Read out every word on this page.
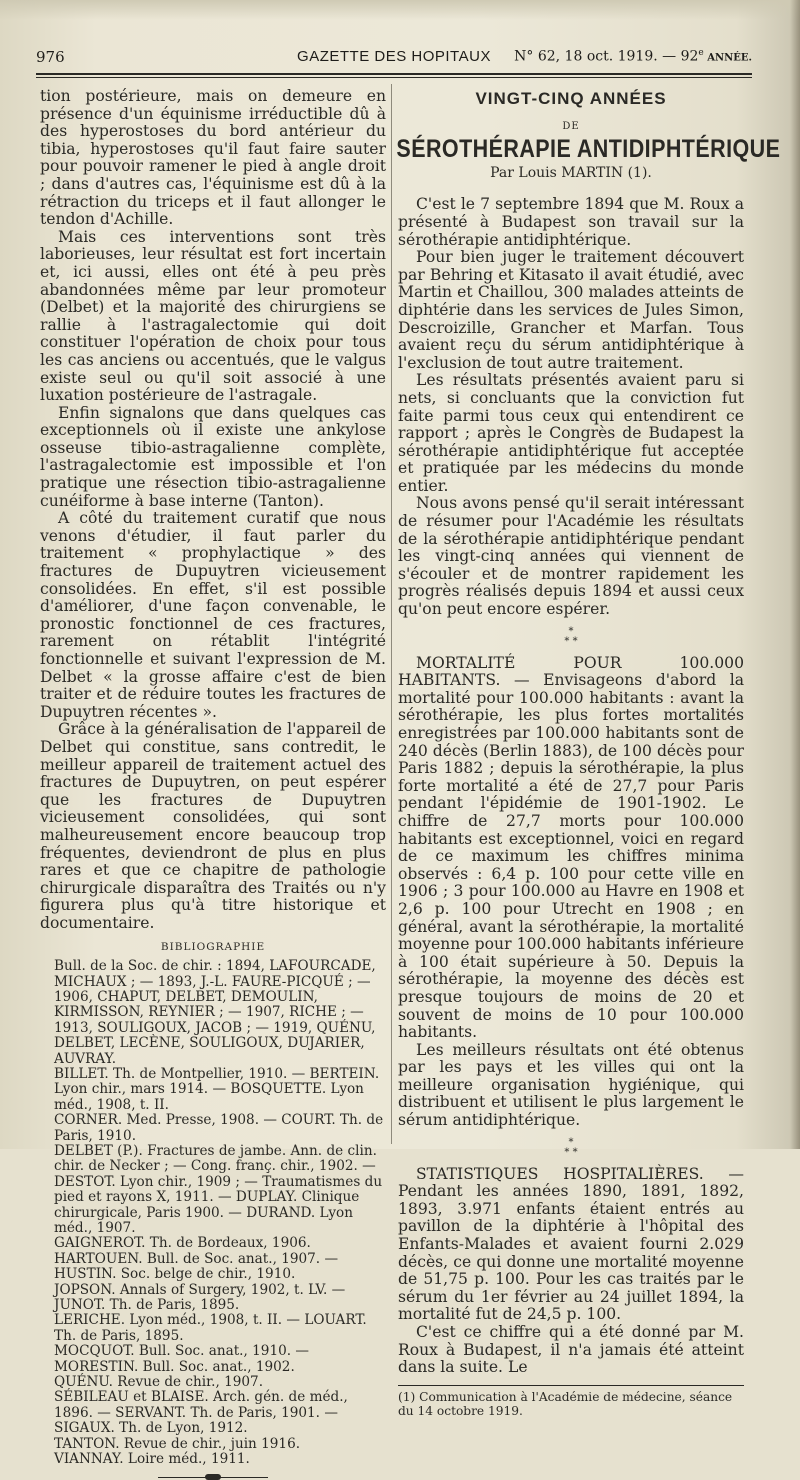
976	GAZETTE DES HOPITAUX	N° 62, 18 oct. 1919. — 92e ANNÉE.

tion postérieure, mais on demeure en présence d'un équinisme irréductible dû à des hyperostoses du bord antérieur du tibia, hyperostoses qu'il faut faire sauter pour pouvoir ramener le pied à angle droit ; dans d'autres cas, l'équinisme est dû à la rétraction du triceps et il faut allonger le tendon d'Achille.

Mais ces interventions sont très laborieuses, leur résultat est fort incertain et, ici aussi, elles ont été à peu près abandonnées même par leur promoteur (Delbet) et la majorité des chirurgiens se rallie à l'astragalectomie qui doit constituer l'opération de choix pour tous les cas anciens ou accentués, que le valgus existe seul ou qu'il soit associé à une luxation postérieure de l'astragale.

Enfin signalons que dans quelques cas exceptionnels où il existe une ankylose osseuse tibio-astragalienne complète, l'astragalectomie est impossible et l'on pratique une résection tibio-astragalienne cunéiforme à base interne (Tanton).

A côté du traitement curatif que nous venons d'étudier, il faut parler du traitement « prophylactique » des fractures de Dupuytren vicieusement consolidées. En effet, s'il est possible d'améliorer, d'une façon convenable, le pronostic fonctionnel de ces fractures, rarement on rétablit l'intégrité fonctionnelle et suivant l'expression de M. Delbet « la grosse affaire c'est de bien traiter et de réduire toutes les fractures de Dupuytren récentes ».

Grâce à la généralisation de l'appareil de Delbet qui constitue, sans contredit, le meilleur appareil de traitement actuel des fractures de Dupuytren, on peut espérer que les fractures de Dupuytren vicieusement consolidées, qui sont malheureusement encore beaucoup trop fréquentes, deviendront de plus en plus rares et que ce chapitre de pathologie chirurgicale disparaîtra des Traités ou n'y figurera plus qu'à titre historique et documentaire.

BIBLIOGRAPHIE

Bull. de la Soc. de chir. : 1894, LAFOURCADE, MICHAUX ; — 1893, J.-L. FAURE-PICQUÉ ; — 1906, CHAPUT, DELBET, DEMOULIN, KIRMISSON, REYNIER ; — 1907, RICHE ; — 1913, SOULIGOUX, JACOB ; — 1919, QUÉNU, DELBET, LECÈNE, SOULIGOUX, DUJARIER, AUVRAY.

BILLET. Th. de Montpellier, 1910. — BERTEIN. Lyon chir., mars 1914. — BOSQUETTE. Lyon méd., 1908, t. II.

CORNER. Med. Presse, 1908. — COURT. Th. de Paris, 1910.

DELBET (P.). Fractures de jambe. Ann. de clin. chir. de Necker ; — Cong. franç. chir., 1902. — DESTOT. Lyon chir., 1909 ; — Traumatismes du pied et rayons X, 1911. — DUPLAY. Clinique chirurgicale, Paris 1900. — DURAND. Lyon méd., 1907.

GAIGNEROT. Th. de Bordeaux, 1906.

HARTOUEN. Bull. de Soc. anat., 1907. — HUSTIN. Soc. belge de chir., 1910.

JOPSON. Annals of Surgery, 1902, t. LV. — JUNOT. Th. de Paris, 1895.

LERICHE. Lyon méd., 1908, t. II. — LOUART. Th. de Paris, 1895.

MOCQUOT. Bull. Soc. anat., 1910. — MORESTIN. Bull. Soc. anat., 1902.

QUÉNU. Revue de chir., 1907.

SÉBILEAU et BLAISE. Arch. gén. de méd., 1896. — SERVANT. Th. de Paris, 1901. — SIGAUX. Th. de Lyon, 1912.

TANTON. Revue de chir., juin 1916.

VIANNAY. Loire méd., 1911.

VINGT-CINQ ANNÉES
DE
SÉROTHÉRAPIE ANTIDIPHTÉRIQUE
Par Louis MARTIN (1).

C'est le 7 septembre 1894 que M. Roux a présenté à Budapest son travail sur la sérothérapie antidiphtérique.

Pour bien juger le traitement découvert par Behring et Kitasato il avait étudié, avec Martin et Chaillou, 300 malades atteints de diphtérie dans les services de Jules Simon, Descroizille, Grancher et Marfan. Tous avaient reçu du sérum antidiphtérique à l'exclusion de tout autre traitement.

Les résultats présentés avaient paru si nets, si concluants que la conviction fut faite parmi tous ceux qui entendirent ce rapport ; après le Congrès de Budapest la sérothérapie antidiphtérique fut acceptée et pratiquée par les médecins du monde entier.

Nous avons pensé qu'il serait intéressant de résumer pour l'Académie les résultats de la sérothérapie antidiphtérique pendant les vingt-cinq années qui viennent de s'écouler et de montrer rapidement les progrès réalisés depuis 1894 et aussi ceux qu'on peut encore espérer.

*
* *

MORTALITÉ POUR 100.000 HABITANTS. — Envisageons d'abord la mortalité pour 100.000 habitants : avant la sérothérapie, les plus fortes mortalités enregistrées par 100.000 habitants sont de 240 décès (Berlin 1883), de 100 décès pour Paris 1882 ; depuis la sérothérapie, la plus forte mortalité a été de 27,7 pour Paris pendant l'épidémie de 1901-1902. Le chiffre de 27,7 morts pour 100.000 habitants est exceptionnel, voici en regard de ce maximum les chiffres minima observés : 6,4 p. 100 pour cette ville en 1906 ; 3 pour 100.000 au Havre en 1908 et 2,6 p. 100 pour Utrecht en 1908 ; en général, avant la sérothérapie, la mortalité moyenne pour 100.000 habitants inférieure à 100 était supérieure à 50. Depuis la sérothérapie, la moyenne des décès est presque toujours de moins de 20 et souvent de moins de 10 pour 100.000 habitants.

Les meilleurs résultats ont été obtenus par les pays et les villes qui ont la meilleure organisation hygiénique, qui distribuent et utilisent le plus largement le sérum antidiphtérique.

*
* *

STATISTIQUES HOSPITALIÈRES. — Pendant les années 1890, 1891, 1892, 1893, 3.971 enfants étaient entrés au pavillon de la diphtérie à l'hôpital des Enfants-Malades et avaient fourni 2.029 décès, ce qui donne une mortalité moyenne de 51,75 p. 100. Pour les cas traités par le sérum du 1er février au 24 juillet 1894, la mortalité fut de 24,5 p. 100.

C'est ce chiffre qui a été donné par M. Roux à Budapest, il n'a jamais été atteint dans la suite. Le

(1) Communication à l'Académie de médecine, séance du 14 octobre 1919.
